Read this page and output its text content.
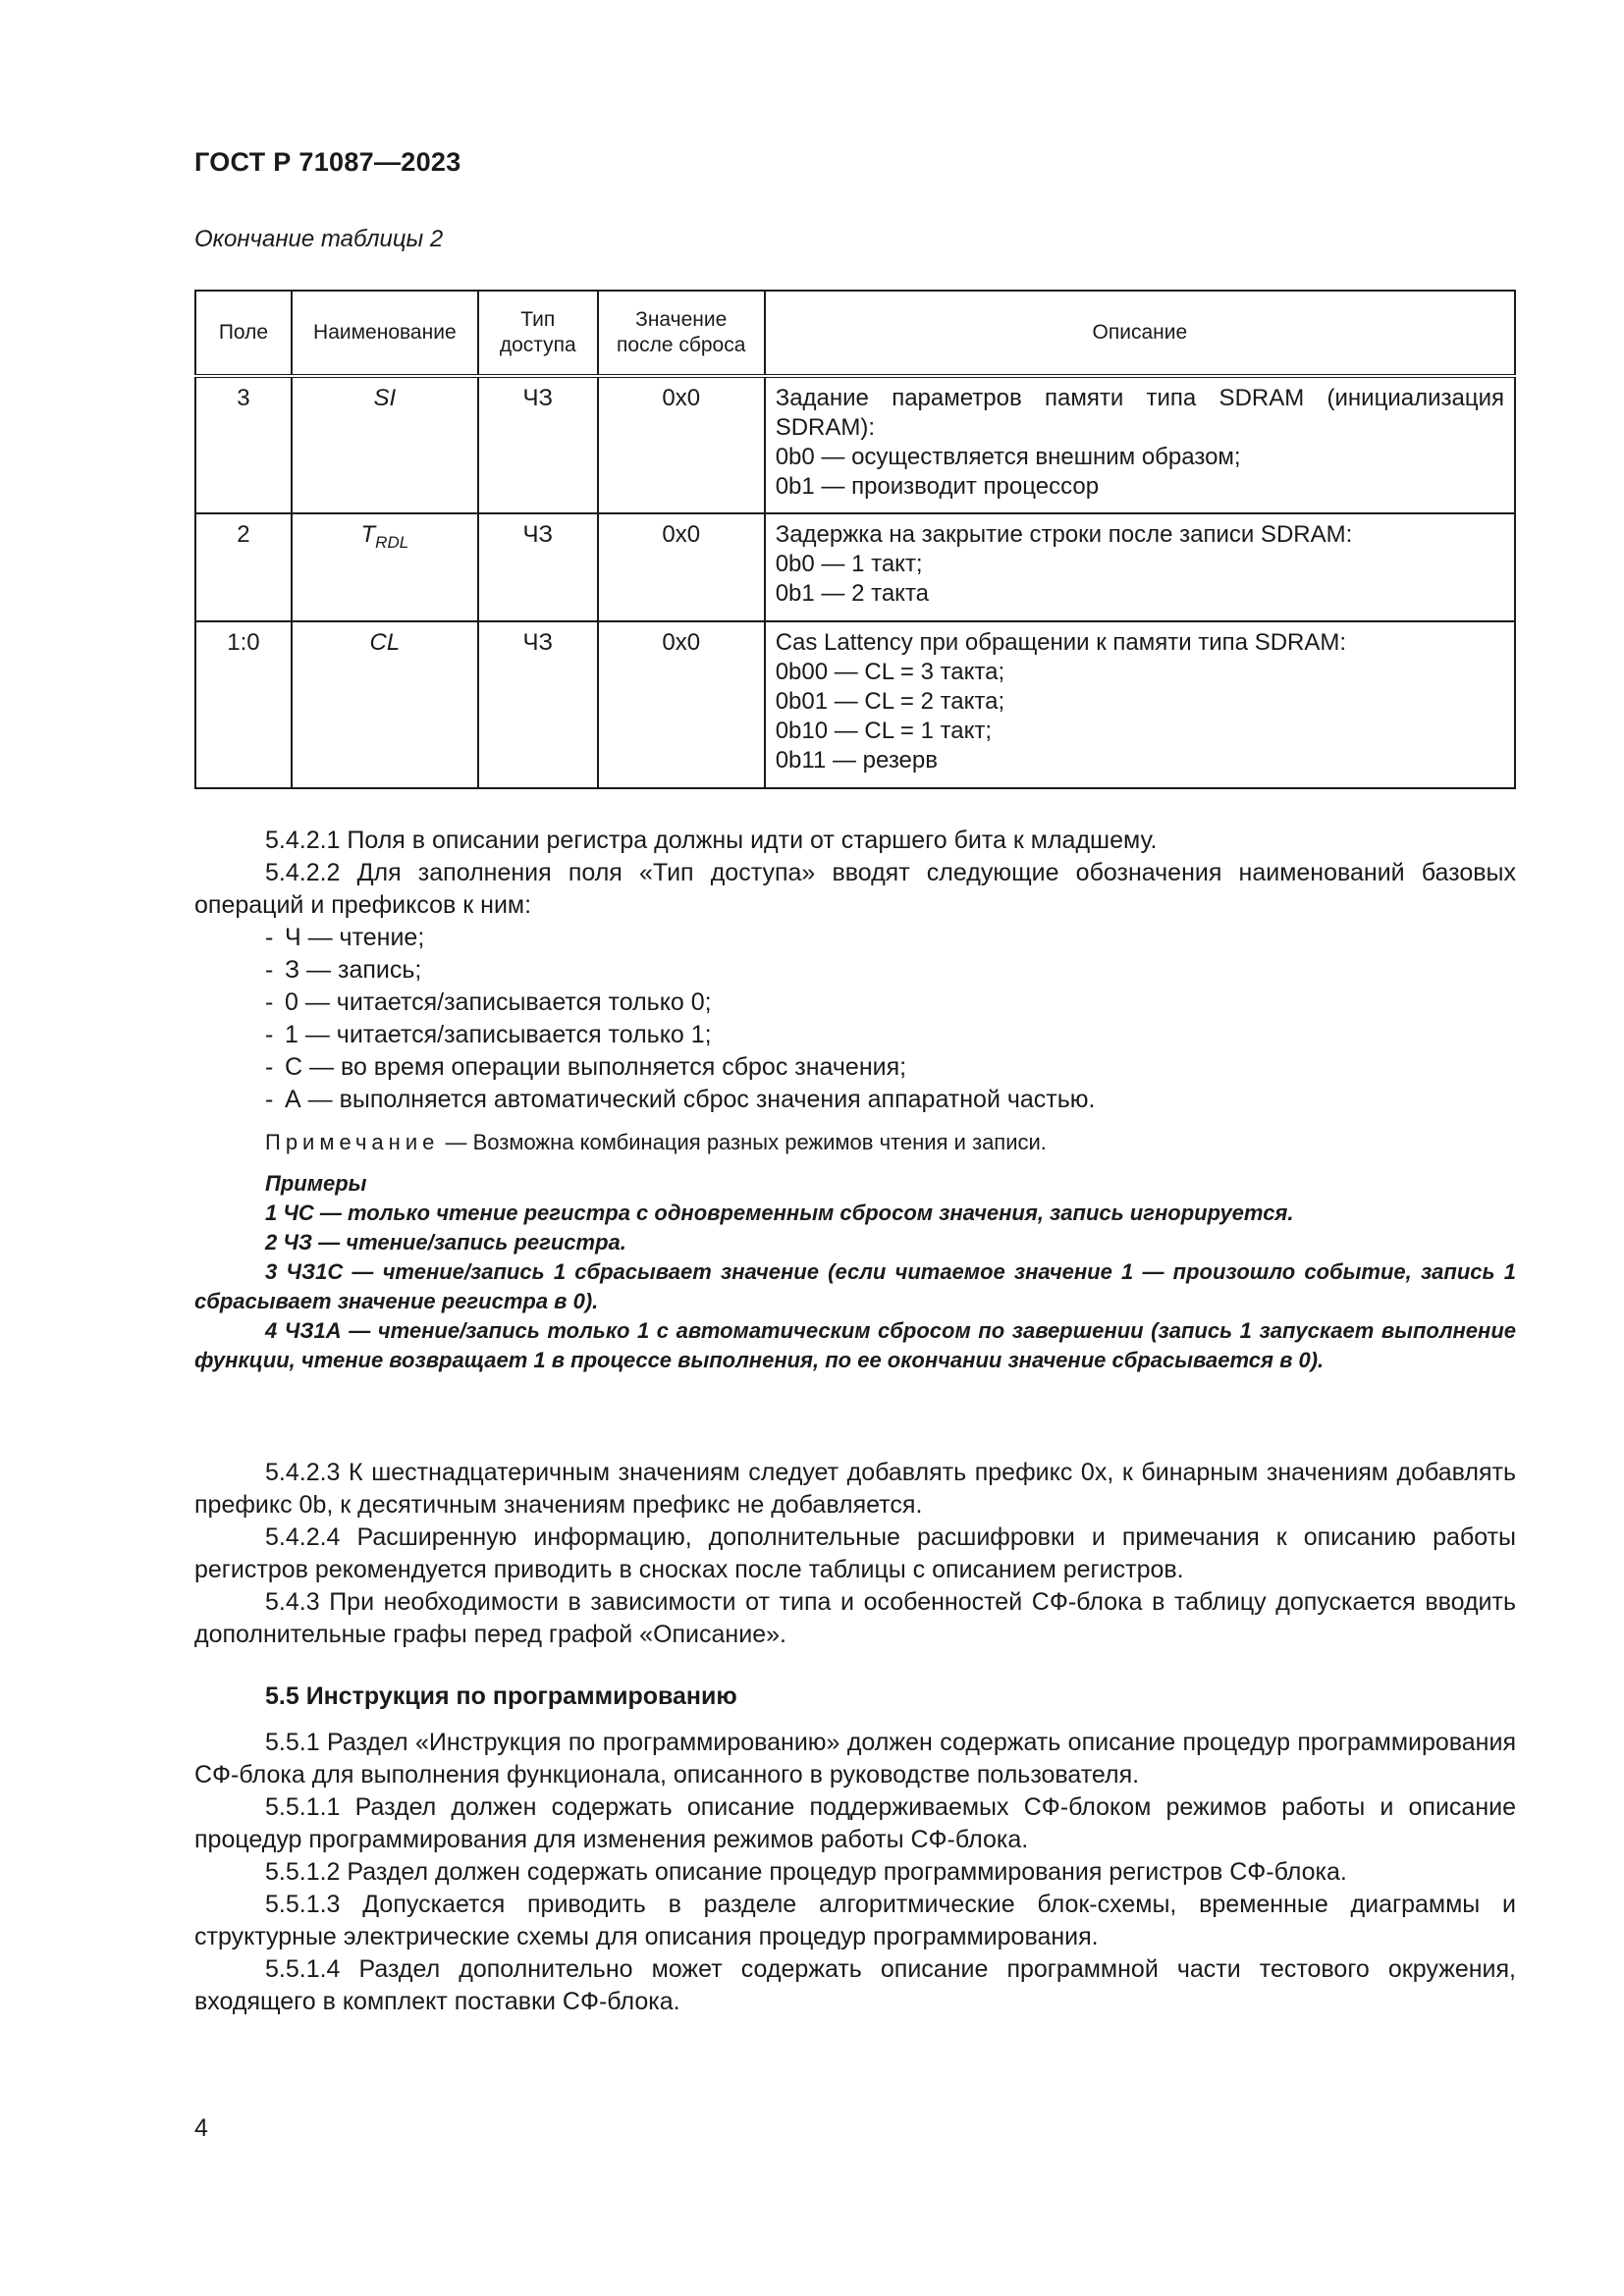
ГОСТ Р 71087—2023
Окончание таблицы 2
Поле	Наименование	Тип доступа	Значение после сброса	Описание
3	SI	ЧЗ	0x0	Задание параметров памяти типа SDRAM (инициализация
SDRAM):
0b0 — осуществляется внешним образом;
0b1 — производит процессор

2	$T_{RDL}$	ЧЗ	0x0	Задержка на закрытие строки после записи SDRAM:
0b0 — 1 такт;
0b1 — 2 такта

1:0	CL	ЧЗ	0x0	Cas Lattency при обращении к памяти типа SDRAM:
0b00 — CL = 3 такта;
0b01 — CL = 2 такта;
0b10 — CL = 1 такт;
0b11 — резерв

5.4.2.1 Поля в описании регистра должны идти от старшего бита к младшему.

5.4.2.2 Для заполнения поля «Тип доступа» вводят следующие обозначения наименований базовых операций и префиксов к ним:

- Ч — чтение;
- З — запись;
- 0 — читается/записывается только 0;
- 1 — читается/записывается только 1;
- С — во время операции выполняется сброс значения;
- А — выполняется автоматический сброс значения аппаратной частью.
Примечание — Возможна комбинация разных режимов чтения и записи.

Примеры

1 ЧС — только чтение регистра с одновременным сбросом значения, запись игнорируется.

2 ЧЗ — чтение/запись регистра.

3 ЧЗ1С — чтение/запись 1 сбрасывает значение (если читаемое значение 1 — произошло событие, запись 1 сбрасывает значение регистра в 0).

4 ЧЗ1А — чтение/запись только 1 с автоматическим сбросом по завершении (запись 1 запускает выполнение функции, чтение возвращает 1 в процессе выполнения, по ее окончании значение сбрасывается в 0).

5.4.2.3 К шестнадцатеричным значениям следует добавлять префикс 0x, к бинарным значениям добавлять префикс 0b, к десятичным значениям префикс не добавляется.

5.4.2.4 Расширенную информацию, дополнительные расшифровки и примечания к описанию работы регистров рекомендуется приводить в сносках после таблицы с описанием регистров.

5.4.3 При необходимости в зависимости от типа и особенностей СФ-блока в таблицу допускается вводить дополнительные графы перед графой «Описание».

5.5 Инструкция по программированию

5.5.1 Раздел «Инструкция по программированию» должен содержать описание процедур программирования СФ-блока для выполнения функционала, описанного в руководстве пользователя.

5.5.1.1 Раздел должен содержать описание поддерживаемых СФ-блоком режимов работы и описание процедур программирования для изменения режимов работы СФ-блока.

5.5.1.2 Раздел должен содержать описание процедур программирования регистров СФ-блока.

5.5.1.3 Допускается приводить в разделе алгоритмические блок-схемы, временные диаграммы и структурные электрические схемы для описания процедур программирования.

5.5.1.4 Раздел дополнительно может содержать описание программной части тестового окружения, входящего в комплект поставки СФ-блока.

4
